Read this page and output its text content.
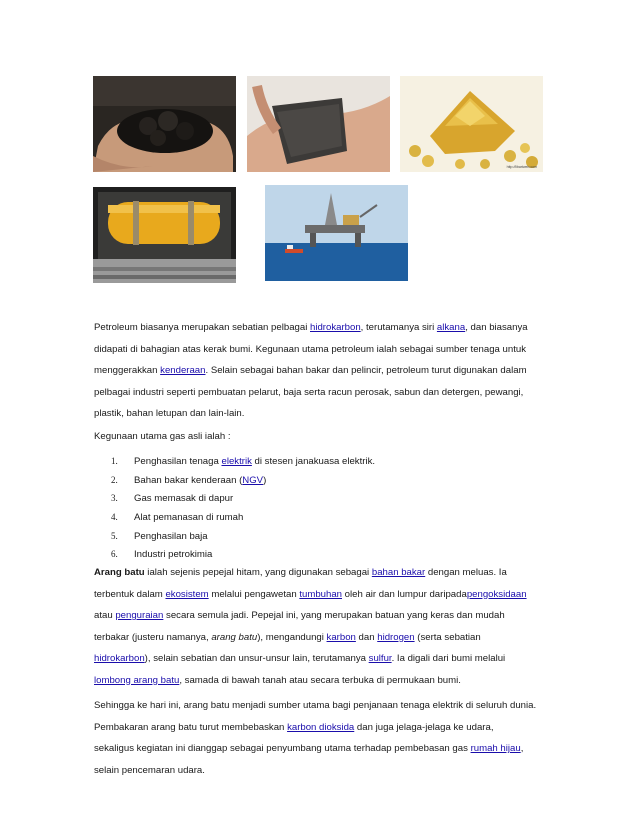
http://libartweb.com

Petroleum biasanya merupakan sebatian pelbagai hidrokarbon, terutamanya siri alkana, dan biasanya

didapati di bahagian atas kerak bumi. Kegunaan utama petroleum ialah sebagai sumber tenaga untuk

menggerakkan kenderaan. Selain sebagai bahan bakar dan pelincir, petroleum turut digunakan dalam

pelbagai industri seperti pembuatan pelarut, baja serta racun perosak, sabun dan detergen, pewangi,

plastik, bahan letupan dan lain-lain.

Kegunaan utama gas asli ialah :
1. Penghasilan tenaga elektrik di stesen janakuasa elektrik.
2. Bahan bakar kenderaan (NGV)
3. Gas memasak di dapur
4. Alat pemanasan di rumah
5. Penghasilan baja
6. Industri petrokimia

Arang batu ialah sejenis pepejal hitam, yang digunakan sebagai bahan bakar dengan meluas. Ia

terbentuk dalam ekosistem melalui pengawetan tumbuhan oleh air dan lumpur daripadapengoksidaan

atau penguraian secara semula jadi. Pepejal ini, yang merupakan batuan yang keras dan mudah

terbakar (justeru namanya, arang batu), mengandungi karbon dan hidrogen (serta sebatian

hidrokarbon), selain sebatian dan unsur-unsur lain, terutamanya sulfur. Ia digali dari bumi melalui

lombong arang batu, samada di bawah tanah atau secara terbuka di permukaan bumi.

Sehingga ke hari ini, arang batu menjadi sumber utama bagi penjanaan tenaga elektrik di seluruh dunia.

Pembakaran arang batu turut membebaskan karbon dioksida dan juga jelaga-jelaga ke udara,

sekaligus kegiatan ini dianggap sebagai penyumbang utama terhadap pembebasan gas rumah hijau,

selain pencemaran udara.
